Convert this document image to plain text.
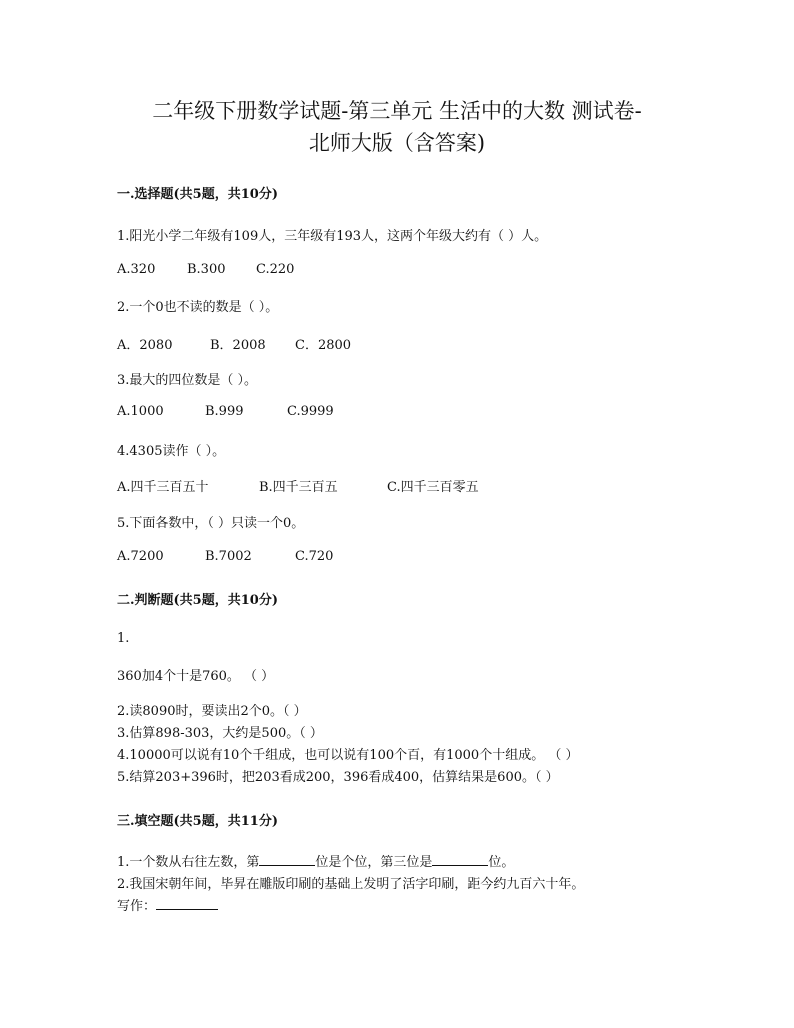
二年级下册数学试题-第三单元 生活中的大数 测试卷-
北师大版（含答案)
一.选择题(共5题，共10分)
1.阳光小学二年级有109人，三年级有193人，这两个年级大约有（ ）人。
A.320 B.300 C.220
2.一个0也不读的数是（ ）。
A．2080	B．2008 C．2800
3.最大的四位数是（ ）。
A.1000	B.999	C.9999
4.4305读作（ ）。
A.四千三百五十	B.四千三百五	C.四千三百零五
5.下面各数中，（ ）只读一个0。
A.7200	B.7002	C.720
二.判断题(共5题，共10分)
1.
360加4个十是760。 （ ）
2.读8090时，要读出2个0。（ ）
3.估算898-303，大约是500。（ ）
4.10000可以说有10个千组成，也可以说有100个百，有1000个十组成。 （ ）
5.结算203+396时，把203看成200，396看成400，估算结果是600。（ ）
三.填空题(共5题，共11分)
1.一个数从右往左数，第	位是个位，第三位是	位。
2.我国宋朝年间，毕昇在雕版印刷的基础上发明了活字印刷，距今约九百六十年。
写作：
